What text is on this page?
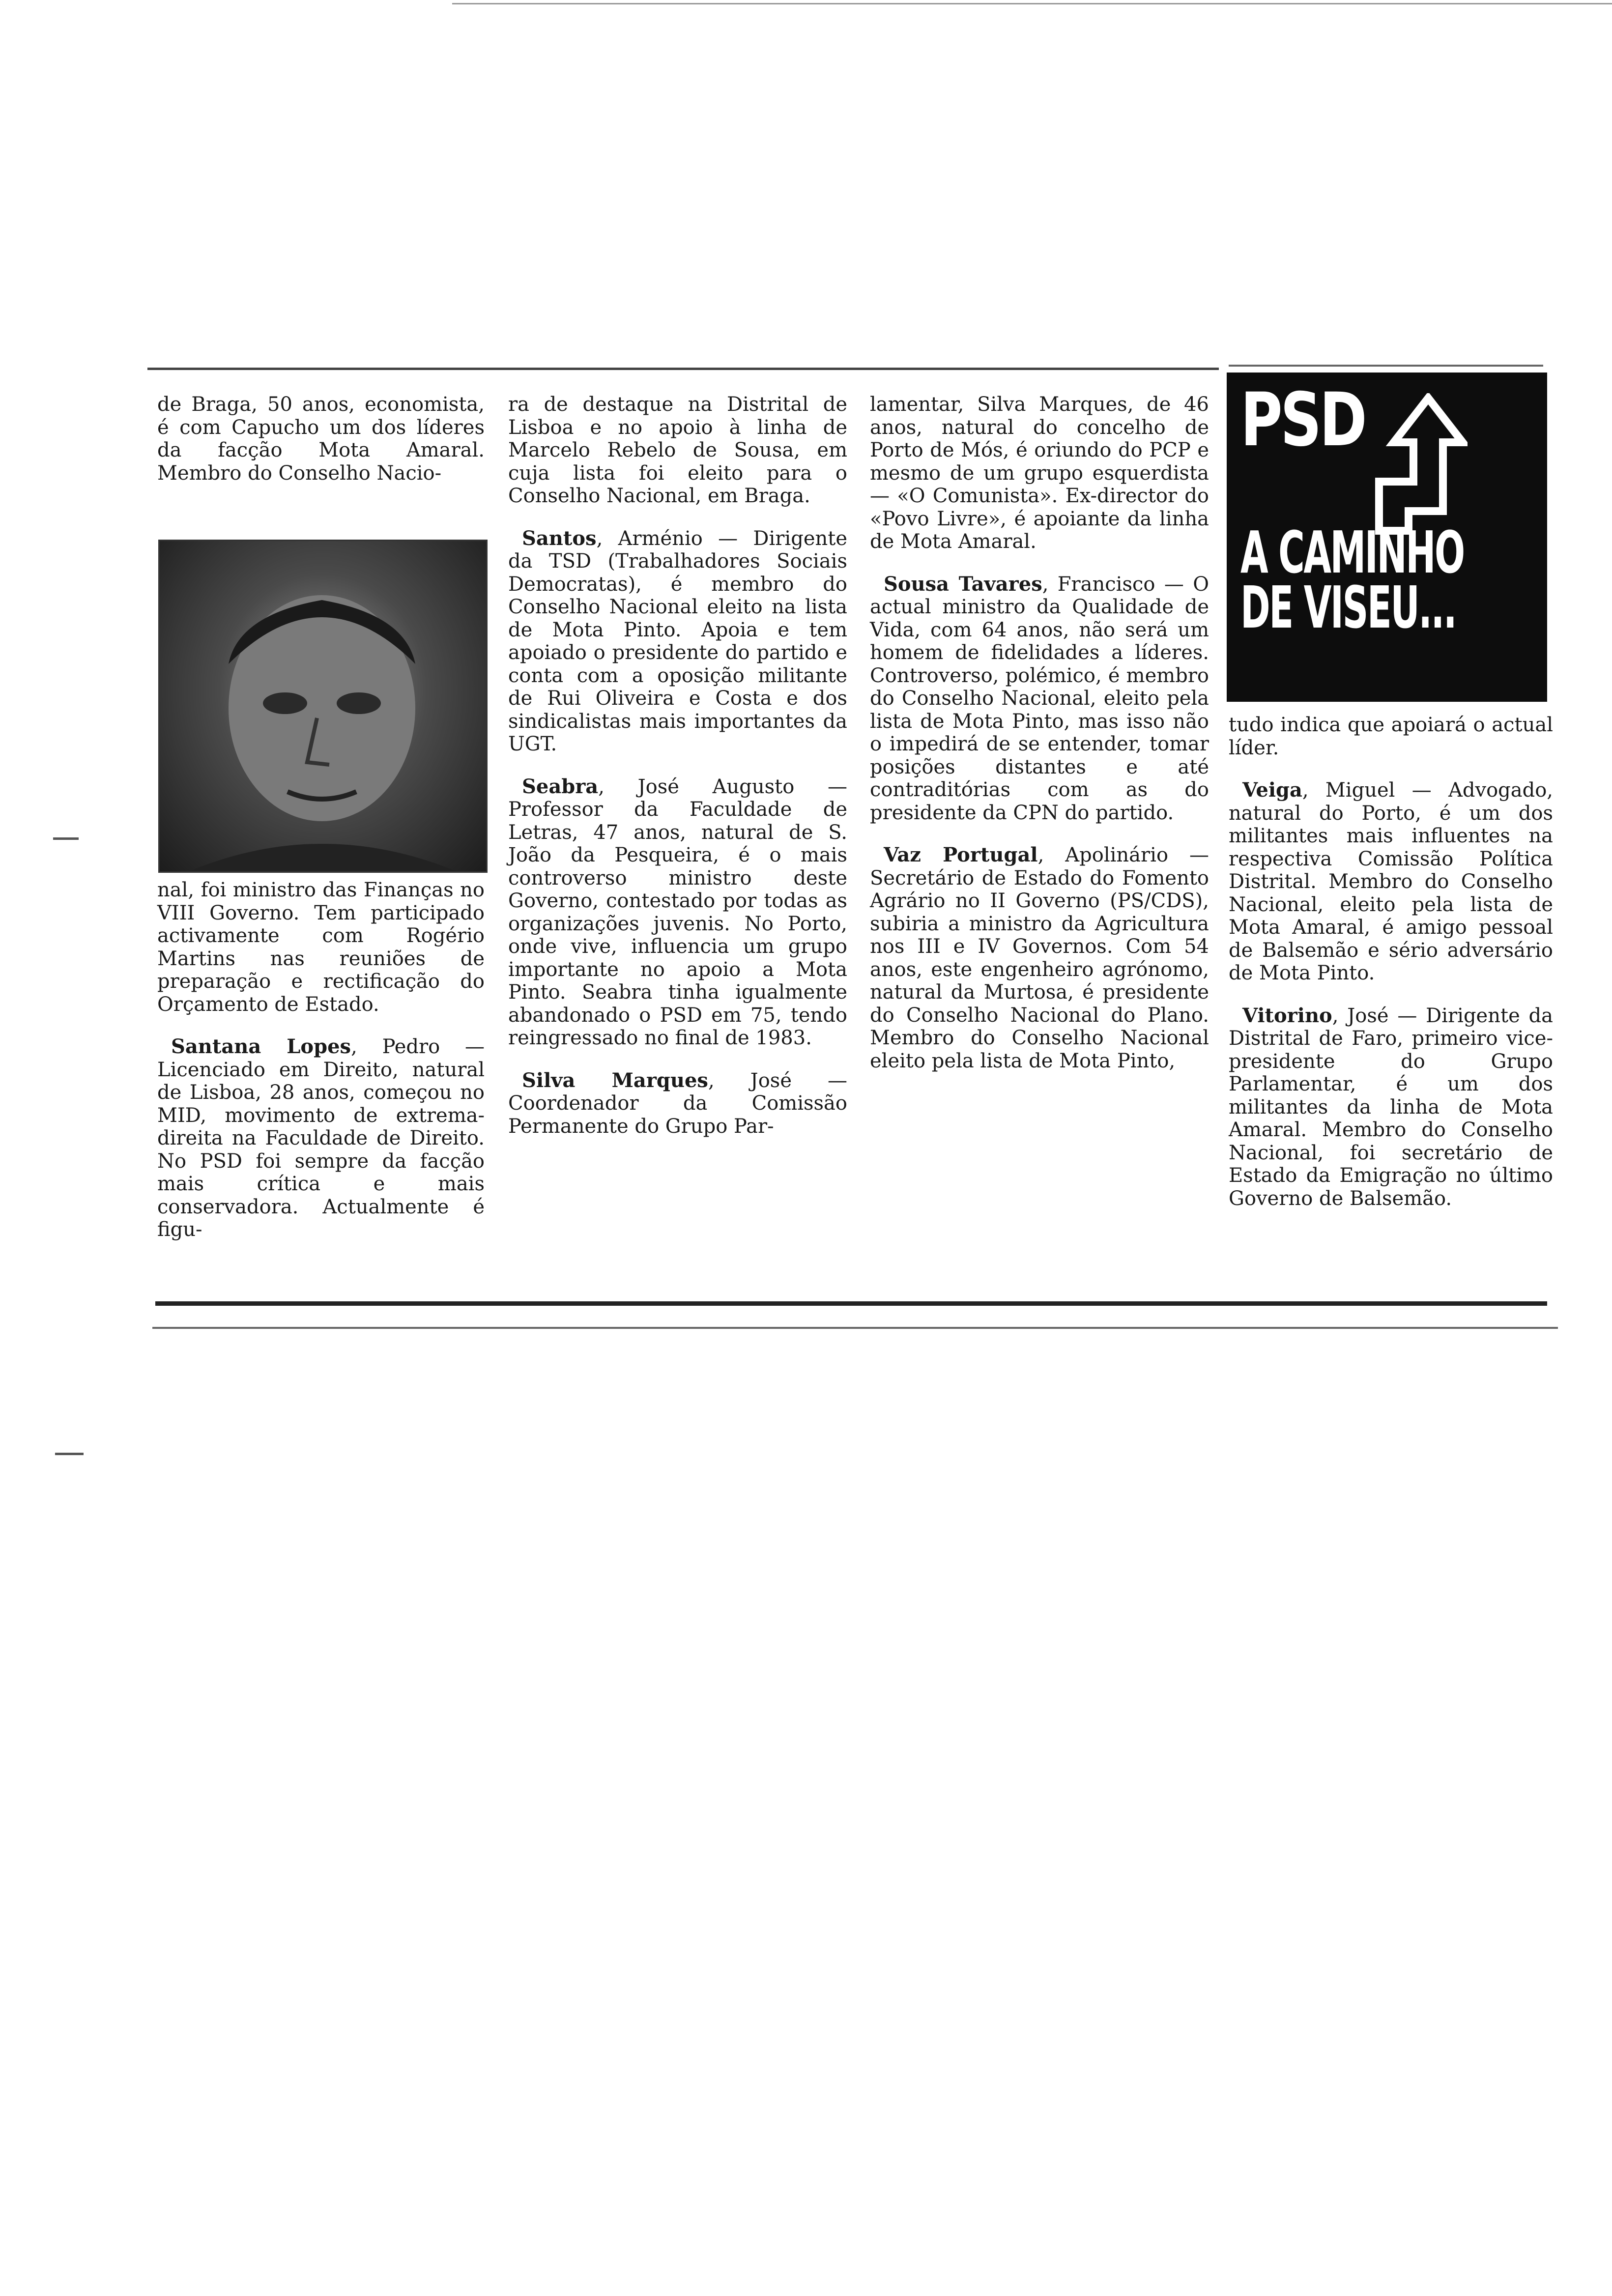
de Braga, 50 anos, economista, é com Capucho um dos líderes da facção Mota Amaral. Membro do Conselho Nacio-

nal, foi ministro das Finanças no VIII Governo. Tem participado activamente com Rogério Martins nas reuniões de preparação e rectificação do Orçamento de Estado.

Santana Lopes, Pedro — Licenciado em Direito, natural de Lisboa, 28 anos, começou no MID, movimento de extrema-direita na Faculdade de Direito. No PSD foi sempre da facção mais crítica e mais conservadora. Actualmente é figu-

ra de destaque na Distrital de Lisboa e no apoio à linha de Marcelo Rebelo de Sousa, em cuja lista foi eleito para o Conselho Nacional, em Braga.

Santos, Arménio — Dirigente da TSD (Trabalhadores Sociais Democratas), é membro do Conselho Nacional eleito na lista de Mota Pinto. Apoia e tem apoiado o presidente do partido e conta com a oposição militante de Rui Oliveira e Costa e dos sindicalistas mais importantes da UGT.

Seabra, José Augusto — Professor da Faculdade de Letras, 47 anos, natural de S. João da Pesqueira, é o mais controverso ministro deste Governo, contestado por todas as organizações juvenis. No Porto, onde vive, influencia um grupo importante no apoio a Mota Pinto. Seabra tinha igualmente abandonado o PSD em 75, tendo reingressado no final de 1983.

Silva Marques, José — Coordenador da Comissão Permanente do Grupo Par-

lamentar, Silva Marques, de 46 anos, natural do concelho de Porto de Mós, é oriundo do PCP e mesmo de um grupo esquerdista — «O Comunista». Ex-director do «Povo Livre», é apoiante da linha de Mota Amaral.

Sousa Tavares, Francisco — O actual ministro da Qualidade de Vida, com 64 anos, não será um homem de fidelidades a líderes. Controverso, polémico, é membro do Conselho Nacional, eleito pela lista de Mota Pinto, mas isso não o impedirá de se entender, tomar posições distantes e até contraditórias com as do presidente da CPN do partido.

Vaz Portugal, Apolinário — Secretário de Estado do Fomento Agrário no II Governo (PS/CDS), subiria a ministro da Agricultura nos III e IV Governos. Com 54 anos, este engenheiro agrónomo, natural da Murtosa, é presidente do Conselho Nacional do Plano. Membro do Conselho Nacional eleito pela lista de Mota Pinto,

PSD
A CAMINHO
DE VISEU...

tudo indica que apoiará o actual líder.

Veiga, Miguel — Advogado, natural do Porto, é um dos militantes mais influentes na respectiva Comissão Política Distrital. Membro do Conselho Nacional, eleito pela lista de Mota Amaral, é amigo pessoal de Balsemão e sério adversário de Mota Pinto.

Vitorino, José — Dirigente da Distrital de Faro, primeiro vice-presidente do Grupo Parlamentar, é um dos militantes da linha de Mota Amaral. Membro do Conselho Nacional, foi secretário de Estado da Emigração no último Governo de Balsemão.
